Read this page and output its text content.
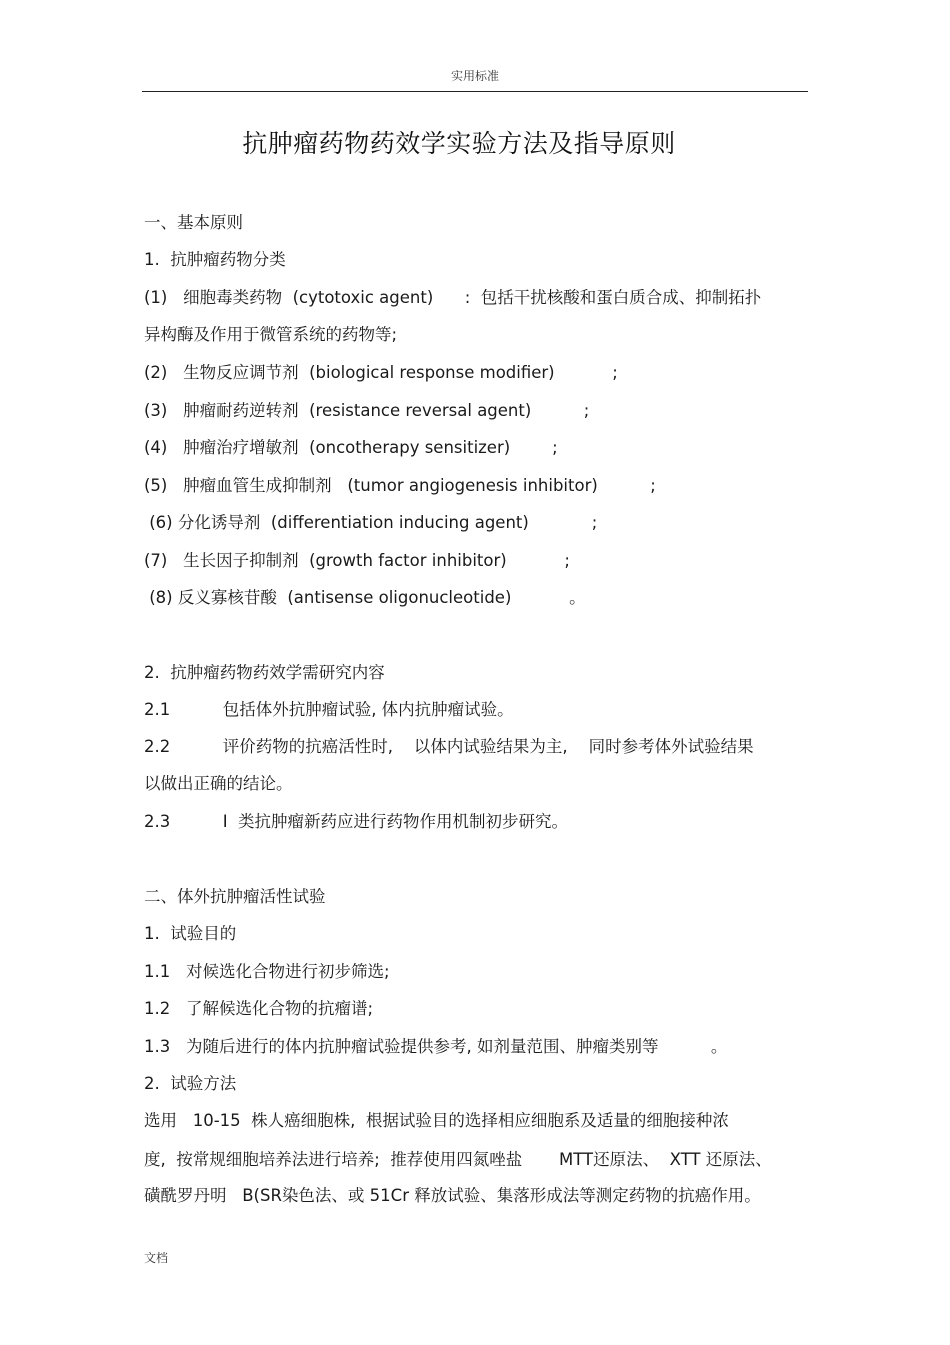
实用标准
抗肿瘤药物药效学实验方法及指导原则
一、基本原则
1.  抗肿瘤药物分类
(1)   细胞毒类药物  (cytotoxic agent)      :  包括干扰核酸和蛋白质合成、抑制拓扑
异构酶及作用于微管系统的药物等;
(2)   生物反应调节剂  (biological response modifier)           ;
(3)   肿瘤耐药逆转剂  (resistance reversal agent)          ;
(4)   肿瘤治疗增敏剂  (oncotherapy sensitizer)        ;
(5)   肿瘤血管生成抑制剂   (tumor angiogenesis inhibitor)          ;
(6) 分化诱导剂  (differentiation inducing agent)            ;
(7)   生长因子抑制剂  (growth factor inhibitor)           ;
(8) 反义寡核苷酸  (antisense oligonucleotide)           。
2.  抗肿瘤药物药效学需研究内容
2.1          包括体外抗肿瘤试验, 体内抗肿瘤试验。
2.2          评价药物的抗癌活性时,    以体内试验结果为主,    同时参考体外试验结果
以做出正确的结论。
2.3          I  类抗肿瘤新药应进行药物作用机制初步研究。
二、体外抗肿瘤活性试验
1.  试验目的
1.1   对候选化合物进行初步筛选;
1.2   了解候选化合物的抗瘤谱;
1.3   为随后进行的体内抗肿瘤试验提供参考, 如剂量范围、肿瘤类别等          。
2.  试验方法
选用   10-15  株人癌细胞株,  根据试验目的选择相应细胞系及适量的细胞接种浓
度,  按常规细胞培养法进行培养;  推荐使用四氮唑盐       MTT还原法、  XTT 还原法、
磺酰罗丹明   B(SR染色法、或 51Cr 释放试验、集落形成法等测定药物的抗癌作用。
文档
